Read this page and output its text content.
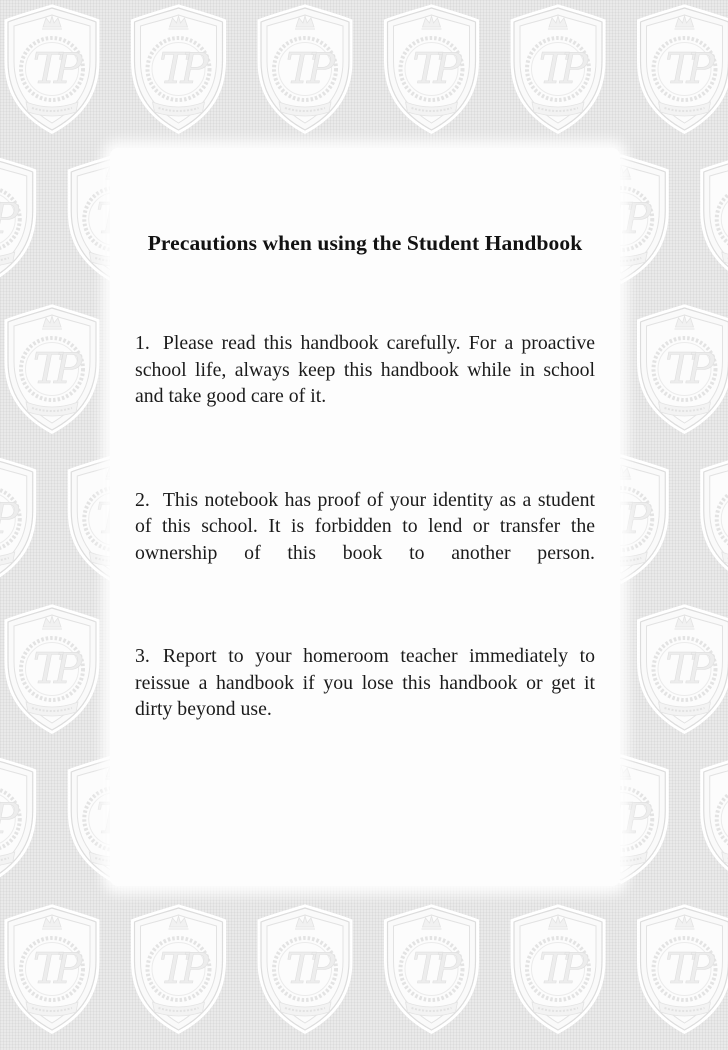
Precautions when using the Student Handbook

1. Please read this handbook carefully. For a proactive school life, always keep this handbook while in school and take good care of it.

2. This notebook has proof of your identity as a student of this school. It is forbidden to lend or transfer the ownership of this book to another person.

3. Report to your homeroom teacher immediately to reissue a handbook if you lose this handbook or get it dirty beyond use.
